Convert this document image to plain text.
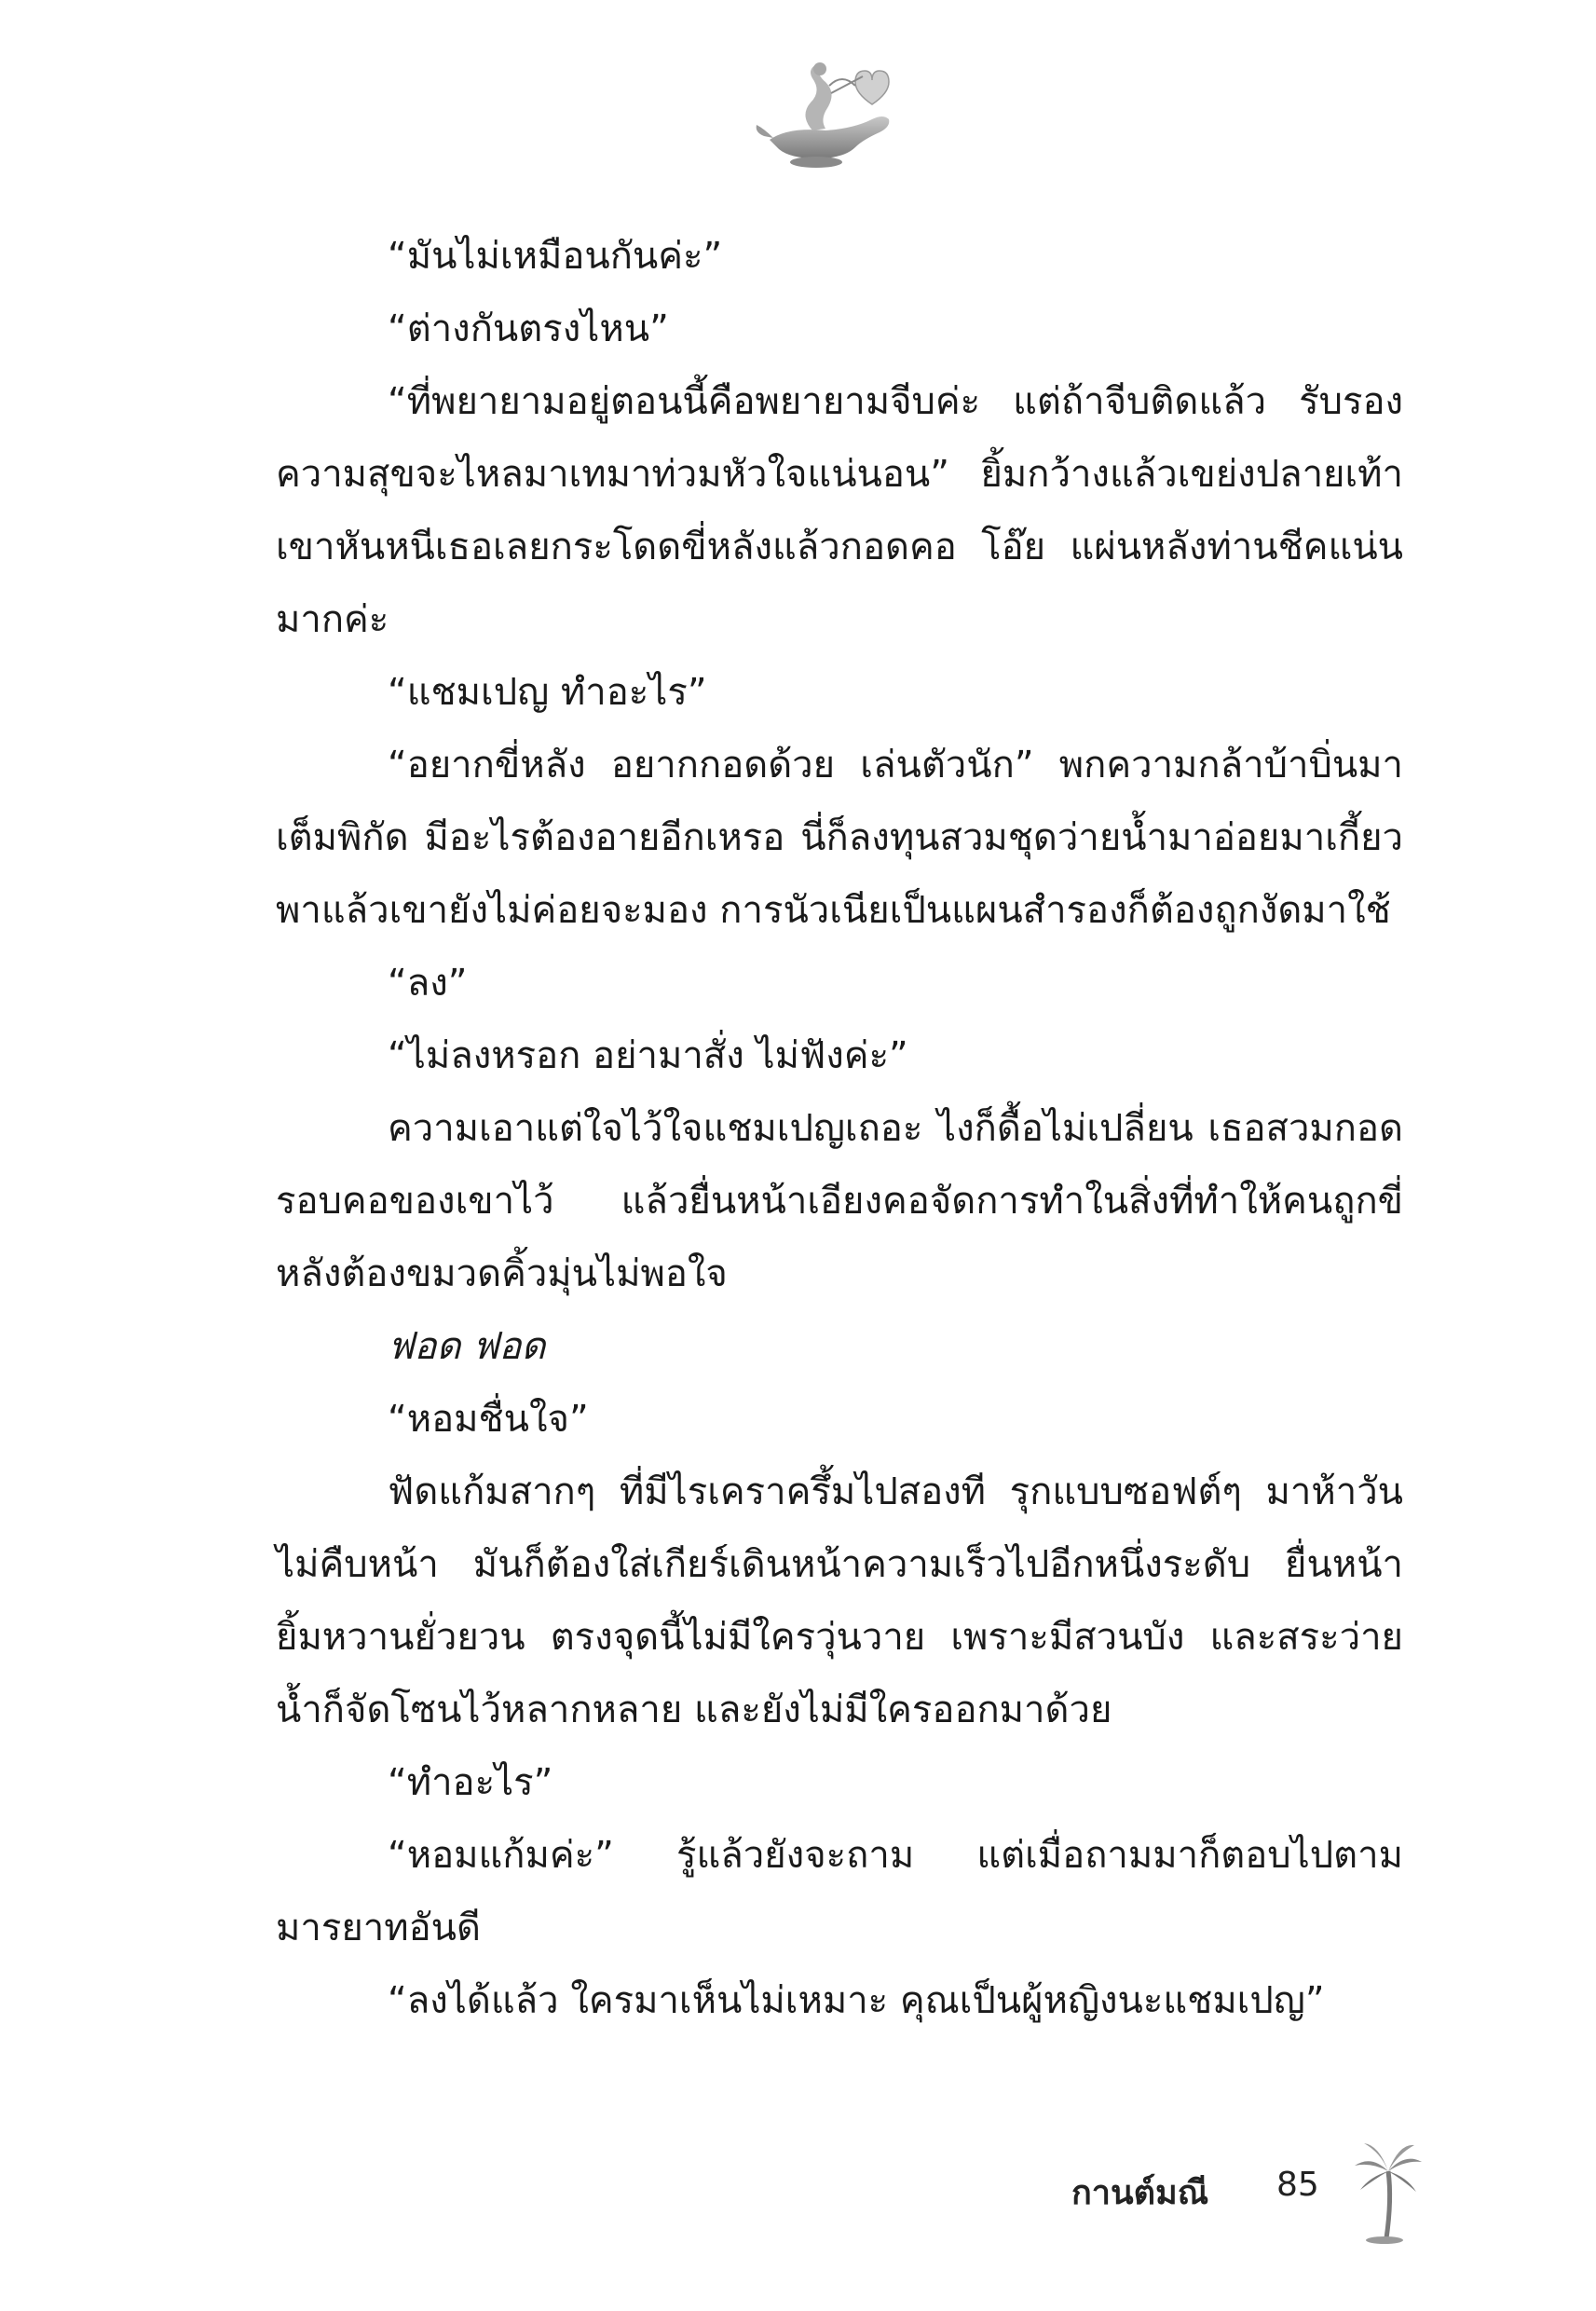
“มันไม่เหมือนกันค่ะ”

“ต่างกันตรงไหน”

“ที่พยายามอยู่ตอนนี้คือพยายามจีบค่ะ แต่ถ้าจีบติดแล้ว รับรองความสุขจะไหลมาเทมาท่วมหัวใจแน่นอน” ยิ้มกว้างแล้วเขย่งปลายเท้า เขาหันหนีเธอเลยกระโดดขี่หลังแล้วกอดคอ โอ๊ย แผ่นหลังท่านชีคแน่นมากค่ะ

“แชมเปญ ทำอะไร”

“อยากขี่หลัง อยากกอดด้วย เล่นตัวนัก” พกความกล้าบ้าบิ่นมาเต็มพิกัด มีอะไรต้องอายอีกเหรอ นี่ก็ลงทุนสวมชุดว่ายน้ำมาอ่อยมาเกี้ยวพาแล้วเขายังไม่ค่อยจะมอง การนัวเนียเป็นแผนสำรองก็ต้องถูกงัดมาใช้

“ลง”

“ไม่ลงหรอก อย่ามาสั่ง ไม่ฟังค่ะ”

ความเอาแต่ใจไว้ใจแชมเปญเถอะ ไงก็ดื้อไม่เปลี่ยน เธอสวมกอดรอบคอของเขาไว้ แล้วยื่นหน้าเอียงคอจัดการทำในสิ่งที่ทำให้คนถูกขี่หลังต้องขมวดคิ้วมุ่นไม่พอใจ

ฟอด ฟอด

“หอมชื่นใจ”

ฟัดแก้มสากๆ ที่มีไรเคราครึ้มไปสองที รุกแบบซอฟต์ๆ มาห้าวันไม่คืบหน้า มันก็ต้องใส่เกียร์เดินหน้าความเร็วไปอีกหนึ่งระดับ ยื่นหน้ายิ้มหวานยั่วยวน ตรงจุดนี้ไม่มีใครวุ่นวาย เพราะมีสวนบัง และสระว่ายน้ำก็จัดโซนไว้หลากหลาย และยังไม่มีใครออกมาด้วย

“ทำอะไร”

“หอมแก้มค่ะ” รู้แล้วยังจะถาม แต่เมื่อถามมาก็ตอบไปตามมารยาทอันดี

“ลงได้แล้ว ใครมาเห็นไม่เหมาะ คุณเป็นผู้หญิงนะแชมเปญ”

กานต์มณี 85
